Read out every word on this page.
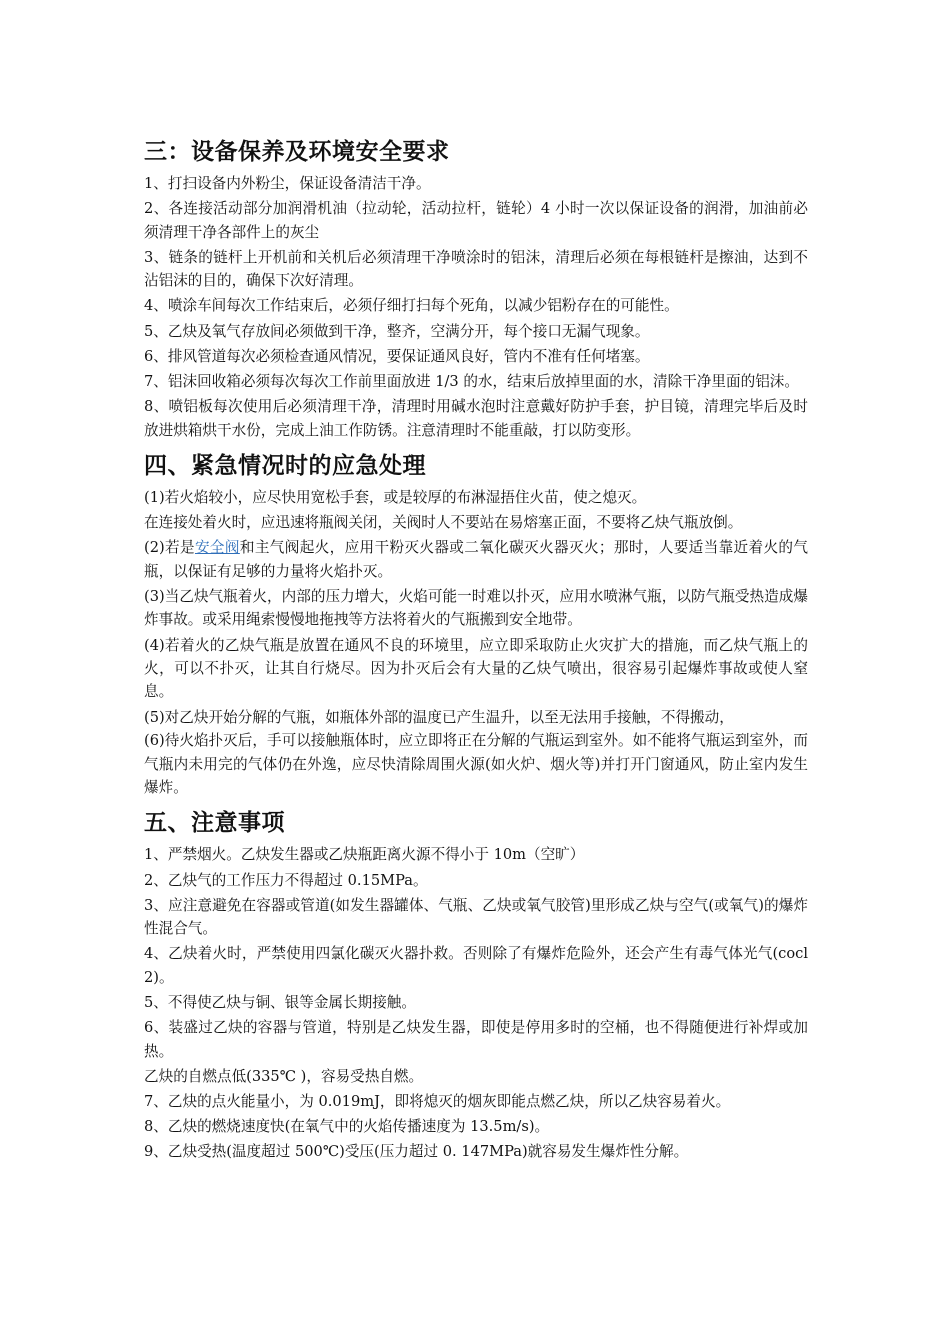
三：设备保养及环境安全要求

1、打扫设备内外粉尘，保证设备清洁干净。

2、各连接活动部分加润滑机油（拉动轮，活动拉杆，链轮）4 小时一次以保证设备的润滑，加油前必须清理干净各部件上的灰尘

3、链条的链杆上开机前和关机后必须清理干净喷涂时的铝沫，清理后必须在每根链杆是擦油，达到不沾铝沫的目的，确保下次好清理。

4、喷涂车间每次工作结束后，必须仔细打扫每个死角，以减少铝粉存在的可能性。

5、乙炔及氧气存放间必须做到干净，整齐，空满分开，每个接口无漏气现象。

6、排风管道每次必须检查通风情况，要保证通风良好，管内不准有任何堵塞。

7、铝沫回收箱必须每次每次工作前里面放进 1/3 的水，结束后放掉里面的水，清除干净里面的铝沫。

8、喷铝板每次使用后必须清理干净，清理时用碱水泡时注意戴好防护手套，护目镜，清理完毕后及时放进烘箱烘干水份，完成上油工作防锈。注意清理时不能重敲，打以防变形。

四、紧急情况时的应急处理

(1)若火焰较小，应尽快用宽松手套，或是较厚的布淋湿捂住火苗，使之熄灭。

在连接处着火时，应迅速将瓶阀关闭，关阀时人不要站在易熔塞正面，不要将乙炔气瓶放倒。

(2)若是安全阀和主气阀起火，应用干粉灭火器或二氧化碳灭火器灭火；那时，人要适当靠近着火的气瓶，以保证有足够的力量将火焰扑灭。

(3)当乙炔气瓶着火，内部的压力增大，火焰可能一时难以扑灭，应用水喷淋气瓶，以防气瓶受热造成爆炸事故。或采用绳索慢慢地拖拽等方法将着火的气瓶搬到安全地带。

(4)若着火的乙炔气瓶是放置在通风不良的环境里，应立即采取防止火灾扩大的措施，而乙炔气瓶上的火，可以不扑灭，让其自行烧尽。因为扑灭后会有大量的乙炔气喷出，很容易引起爆炸事故或使人窒息。

(5)对乙炔开始分解的气瓶，如瓶体外部的温度已产生温升，以至无法用手接触，不得搬动，

(6)待火焰扑灭后，手可以接触瓶体时，应立即将正在分解的气瓶运到室外。如不能将气瓶运到室外，而气瓶内未用完的气体仍在外逸，应尽快清除周围火源(如火炉、烟火等)并打开门窗通风，防止室内发生爆炸。

五、注意事项

1、严禁烟火。乙炔发生器或乙炔瓶距离火源不得小于 10m（空旷）

2、乙炔气的工作压力不得超过 0.15MPa。

3、应注意避免在容器或管道(如发生器罐体、气瓶、乙炔或氧气胶管)里形成乙炔与空气(或氧气)的爆炸性混合气。

4、乙炔着火时，严禁使用四氯化碳灭火器扑救。否则除了有爆炸危险外，还会产生有毒气体光气(cocl 2)。

5、不得使乙炔与铜、银等金属长期接触。

6、装盛过乙炔的容器与管道，特别是乙炔发生器，即使是停用多时的空桶，也不得随便进行补焊或加热。

乙炔的自燃点低(335℃ )，容易受热自燃。

7、乙炔的点火能量小，为 0.019mJ，即将熄灭的烟灰即能点燃乙炔，所以乙炔容易着火。

8、乙炔的燃烧速度快(在氧气中的火焰传播速度为 13.5m/s)。

9、乙炔受热(温度超过 500℃)受压(压力超过 0. 147MPa)就容易发生爆炸性分解。
